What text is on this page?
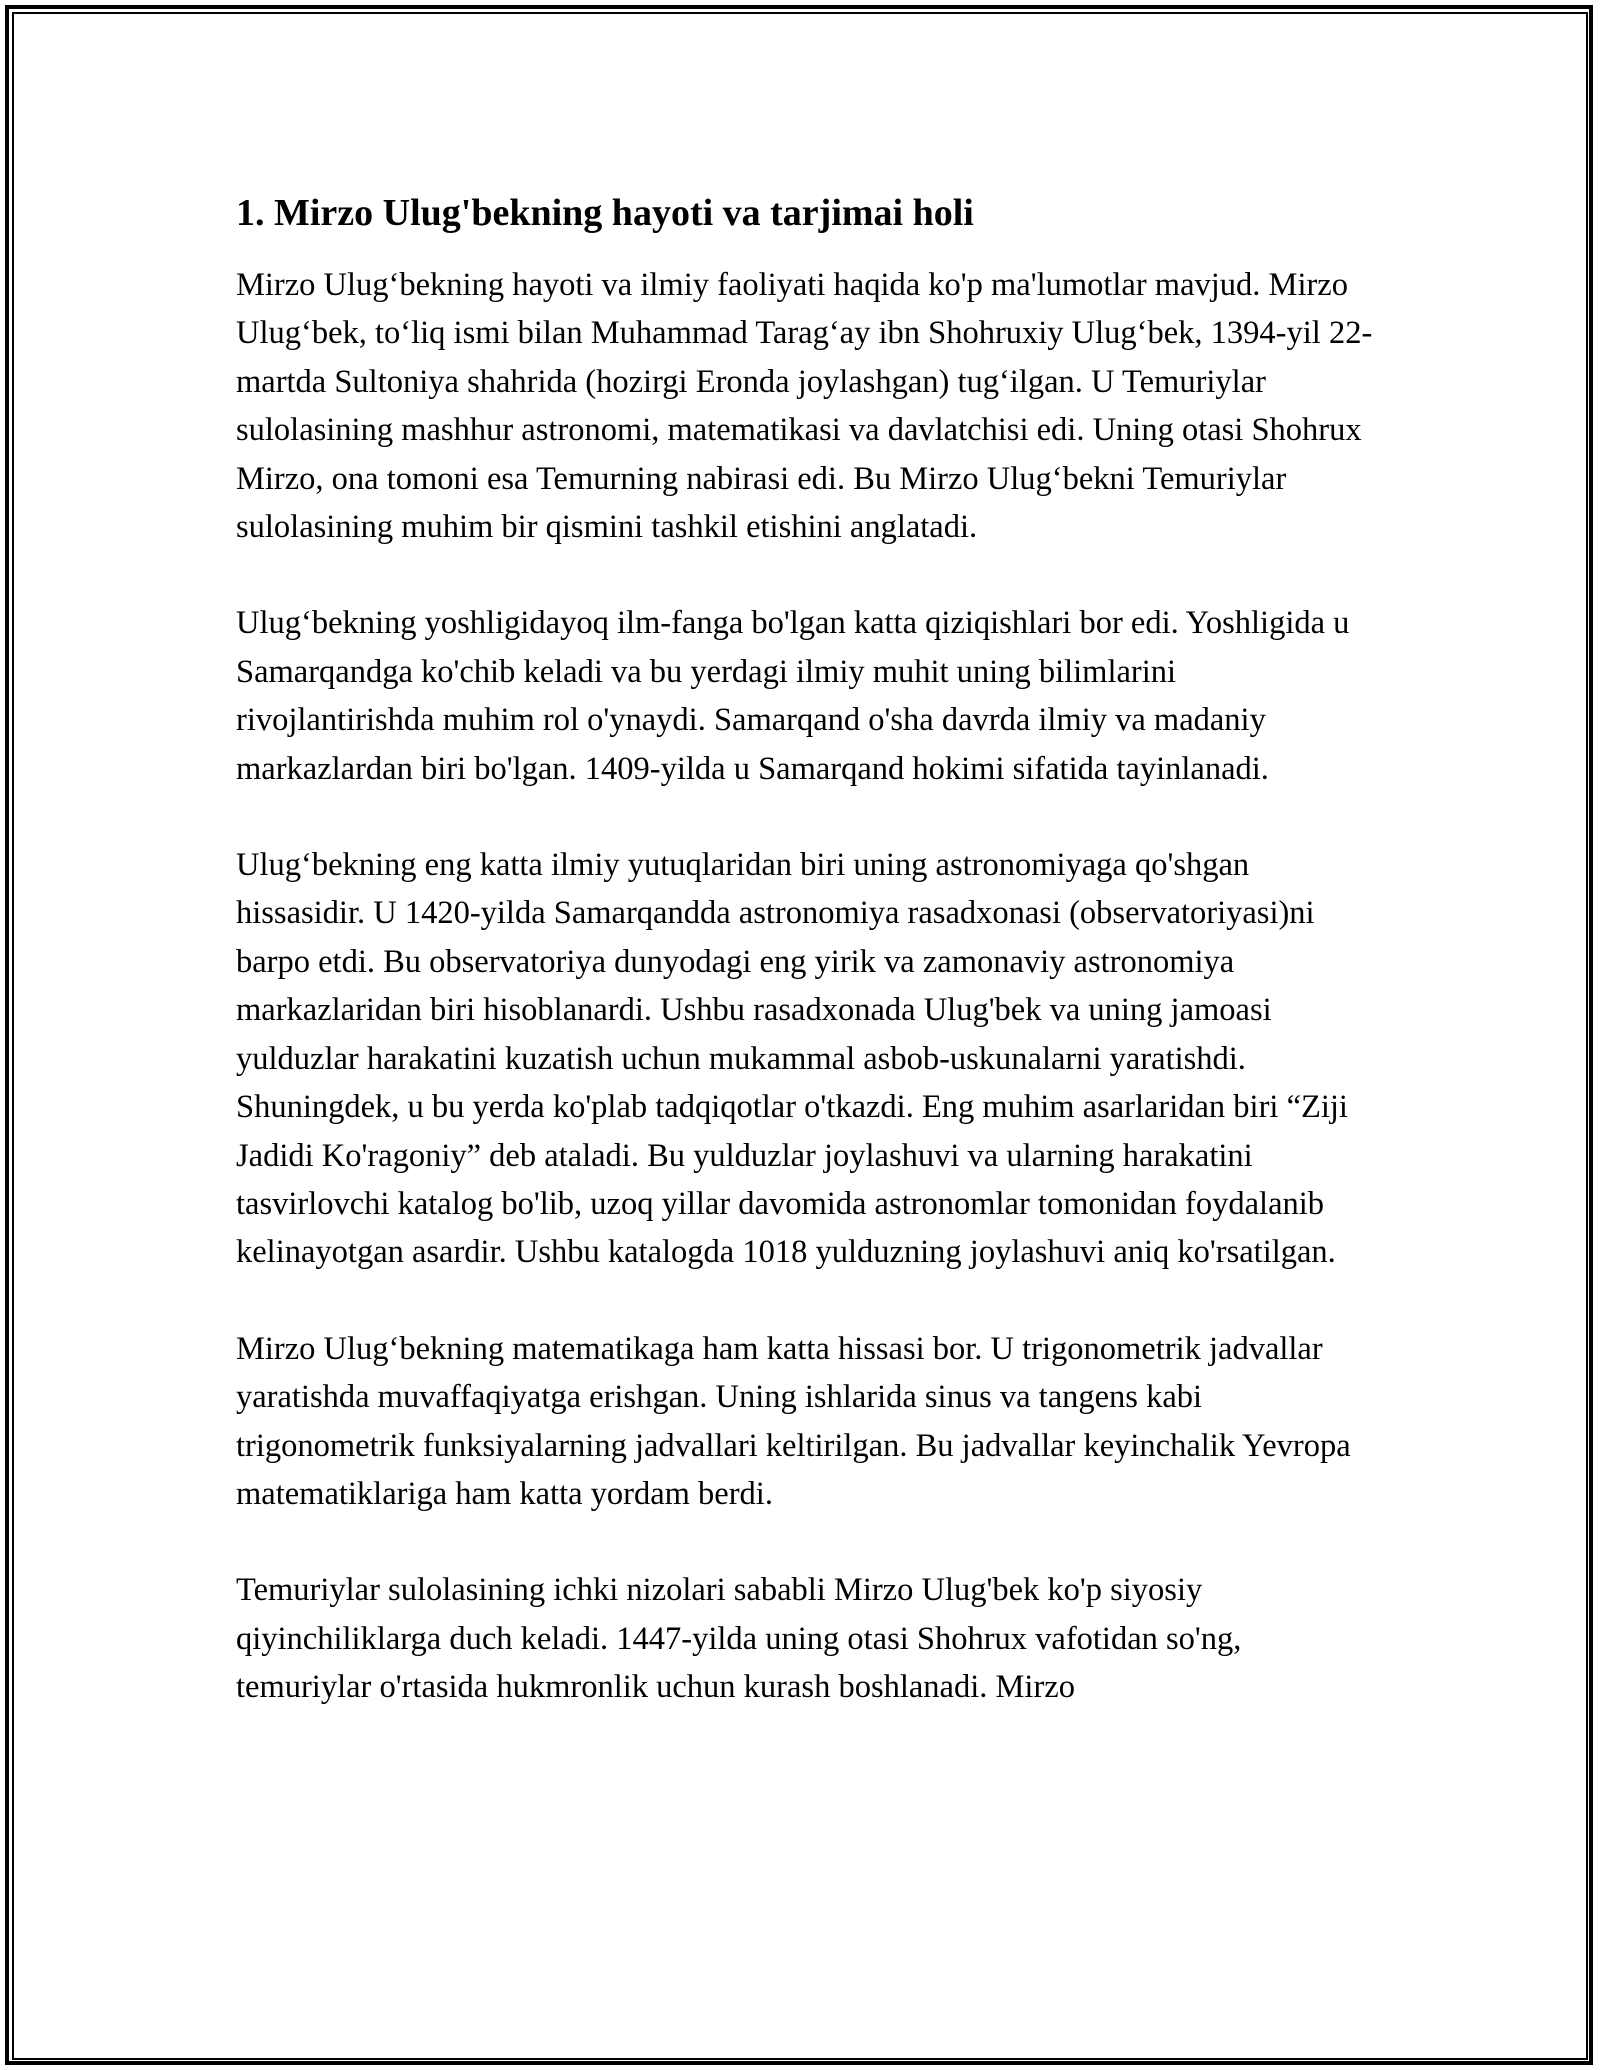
1. Mirzo Ulug'bekning hayoti va tarjimai holi

Mirzo Ulug‘bekning hayoti va ilmiy faoliyati haqida ko'p ma'lumotlar mavjud. Mirzo Ulug‘bek, to‘liq ismi bilan Muhammad Tarag‘ay ibn Shohruxiy Ulug‘bek, 1394-yil 22-martda Sultoniya shahrida (hozirgi Eronda joylashgan) tug‘ilgan. U Temuriylar sulolasining mashhur astronomi, matematikasi va davlatchisi edi. Uning otasi Shohrux Mirzo, ona tomoni esa Temurning nabirasi edi. Bu Mirzo Ulug‘bekni Temuriylar sulolasining muhim bir qismini tashkil etishini anglatadi.

Ulug‘bekning yoshligidayoq ilm-fanga bo'lgan katta qiziqishlari bor edi. Yoshligida u Samarqandga ko'chib keladi va bu yerdagi ilmiy muhit uning bilimlarini rivojlantirishda muhim rol o'ynaydi. Samarqand o'sha davrda ilmiy va madaniy markazlardan biri bo'lgan. 1409-yilda u Samarqand hokimi sifatida tayinlanadi.

Ulug‘bekning eng katta ilmiy yutuqlaridan biri uning astronomiyaga qo'shgan hissasidir. U 1420-yilda Samarqandda astronomiya rasadxonasi (observatoriyasi)ni barpo etdi. Bu observatoriya dunyodagi eng yirik va zamonaviy astronomiya markazlaridan biri hisoblanardi. Ushbu rasadxonada Ulug'bek va uning jamoasi yulduzlar harakatini kuzatish uchun mukammal asbob-uskunalarni yaratishdi. Shuningdek, u bu yerda ko'plab tadqiqotlar o'tkazdi. Eng muhim asarlaridan biri “Ziji Jadidi Ko'ragoniy” deb ataladi. Bu yulduzlar joylashuvi va ularning harakatini tasvirlovchi katalog bo'lib, uzoq yillar davomida astronomlar tomonidan foydalanib kelinayotgan asardir. Ushbu katalogda 1018 yulduzning joylashuvi aniq ko'rsatilgan.

Mirzo Ulug‘bekning matematikaga ham katta hissasi bor. U trigonometrik jadvallar yaratishda muvaffaqiyatga erishgan. Uning ishlarida sinus va tangens kabi trigonometrik funksiyalarning jadvallari keltirilgan. Bu jadvallar keyinchalik Yevropa matematiklariga ham katta yordam berdi.

Temuriylar sulolasining ichki nizolari sababli Mirzo Ulug'bek ko'p siyosiy qiyinchiliklarga duch keladi. 1447-yilda uning otasi Shohrux vafotidan so'ng, temuriylar o'rtasida hukmronlik uchun kurash boshlanadi. Mirzo
